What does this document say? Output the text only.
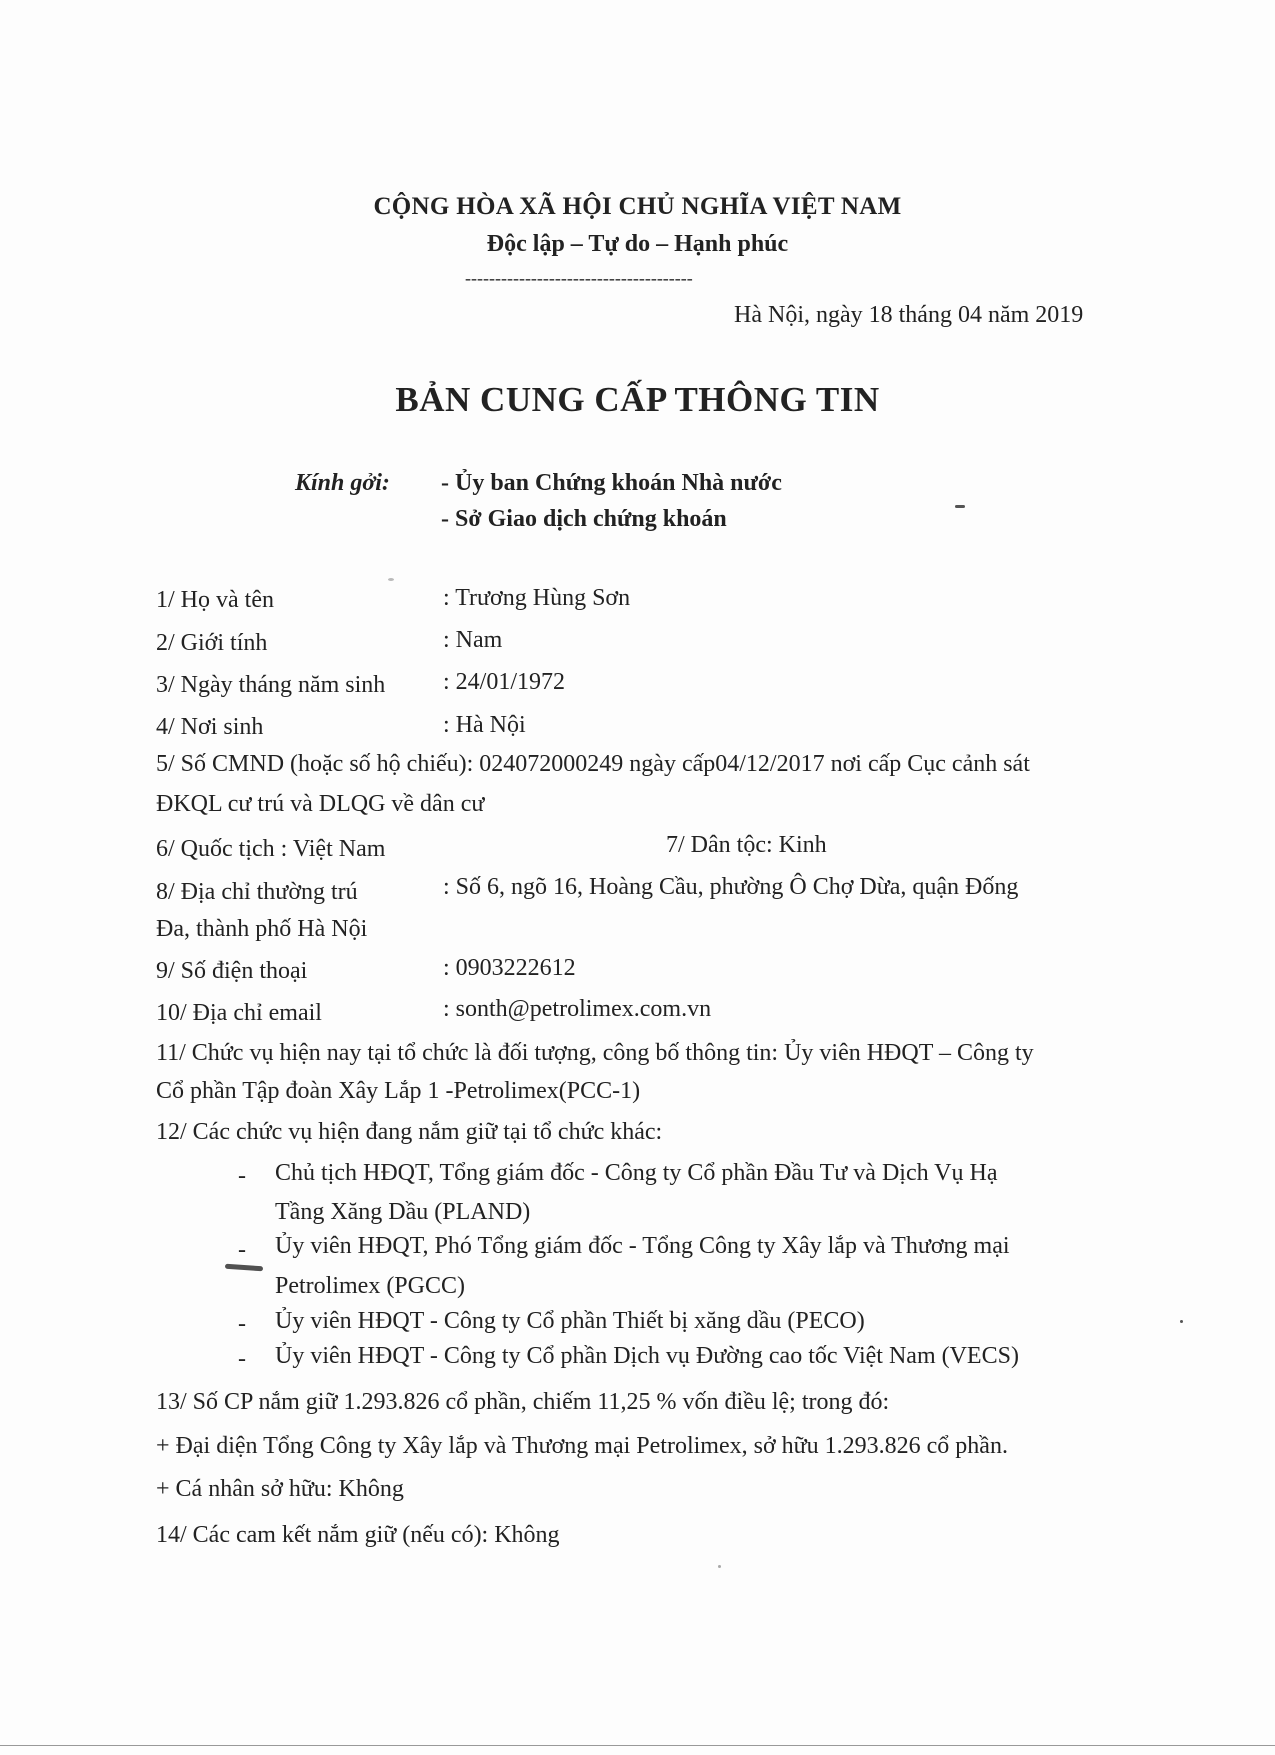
CỘNG HÒA XÃ HỘI CHỦ NGHĨA VIỆT NAM
Độc lập – Tự do – Hạnh phúc
--------------------------------------
Hà Nội, ngày 18 tháng 04 năm 2019
BẢN CUNG CẤP THÔNG TIN
Kính gởi: - Ủy ban Chứng khoán Nhà nước
- Sở Giao dịch chứng khoán
1/ Họ và tên	: Trương Hùng Sơn
2/ Giới tính	: Nam
3/ Ngày tháng năm sinh : 24/01/1972
4/ Nơi sinh	: Hà Nội
5/ Số CMND (hoặc số hộ chiếu): 024072000249 ngày cấp04/12/2017 nơi cấp Cục cảnh sát
ĐKQL cư trú và DLQG về dân cư
6/ Quốc tịch : Việt Nam	7/ Dân tộc: Kinh
8/ Địa chỉ thường trú	: Số 6, ngõ 16, Hoàng Cầu, phường Ô Chợ Dừa, quận Đống
Đa, thành phố Hà Nội
9/ Số điện thoại	: 0903222612
10/ Địa chỉ email	: sonth@petrolimex.com.vn
11/ Chức vụ hiện nay tại tổ chức là đối tượng, công bố thông tin: Ủy viên HĐQT – Công ty
Cổ phần Tập đoàn Xây Lắp 1 -Petrolimex(PCC-1)
12/ Các chức vụ hiện đang nắm giữ tại tổ chức khác:
- Chủ tịch HĐQT, Tổng giám đốc - Công ty Cổ phần Đầu Tư và Dịch Vụ Hạ
Tầng Xăng Dầu (PLAND)
- Ủy viên HĐQT, Phó Tổng giám đốc - Tổng Công ty Xây lắp và Thương mại
Petrolimex (PGCC)
- Ủy viên HĐQT - Công ty Cổ phần Thiết bị xăng dầu (PECO)
- Ủy viên HĐQT - Công ty Cổ phần Dịch vụ Đường cao tốc Việt Nam (VECS)
13/ Số CP nắm giữ 1.293.826 cổ phần, chiếm 11,25 % vốn điều lệ; trong đó:
+ Đại diện Tổng Công ty Xây lắp và Thương mại Petrolimex, sở hữu 1.293.826 cổ phần.
+ Cá nhân sở hữu: Không
14/ Các cam kết nắm giữ (nếu có): Không
